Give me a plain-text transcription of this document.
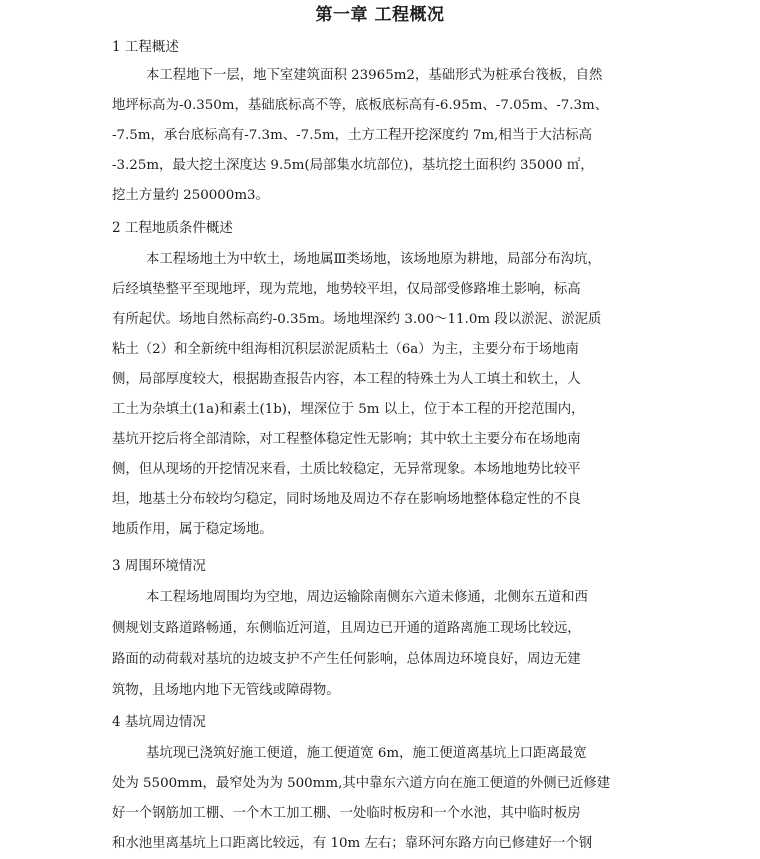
第一章 工程概况
1 工程概述
本工程地下一层，地下室建筑面积 23965m2，基础形式为桩承台筏板，自然
地坪标高为-0.350m，基础底标高不等，底板底标高有-6.95m、-7.05m、-7.3m、
-7.5m，承台底标高有-7.3m、-7.5m，土方工程开挖深度约 7m,相当于大沽标高
-3.25m，最大挖土深度达 9.5m(局部集水坑部位)，基坑挖土面积约 35000 ㎡，
挖土方量约 250000m3。
2 工程地质条件概述
本工程场地土为中软土，场地属Ⅲ类场地，该场地原为耕地，局部分布沟坑，
后经填垫整平至现地坪，现为荒地，地势较平坦，仅局部受修路堆土影响，标高
有所起伏。场地自然标高约-0.35m。场地埋深约 3.00～11.0m 段以淤泥、淤泥质
粘土（2）和全新统中组海相沉积层淤泥质粘土（6a）为主，主要分布于场地南
侧，局部厚度较大，根据勘查报告内容，本工程的特殊土为人工填土和软土，人
工土为杂填土(1a)和素土(1b)，埋深位于 5m 以上，位于本工程的开挖范围内，
基坑开挖后将全部清除，对工程整体稳定性无影响；其中软土主要分布在场地南
侧，但从现场的开挖情况来看，土质比较稳定，无异常现象。本场地地势比较平
坦，地基土分布较均匀稳定，同时场地及周边不存在影响场地整体稳定性的不良
地质作用，属于稳定场地。
3 周围环境情况
本工程场地周围均为空地，周边运输除南侧东六道未修通，北侧东五道和西
侧规划支路道路畅通，东侧临近河道，且周边已开通的道路离施工现场比较远，
路面的动荷载对基坑的边坡支护不产生任何影响，总体周边环境良好，周边无建
筑物，且场地内地下无管线或障碍物。
4 基坑周边情况
基坑现已浇筑好施工便道，施工便道宽 6m，施工便道离基坑上口距离最宽
处为 5500mm，最窄处为为 500mm,其中靠东六道方向在施工便道的外侧已近修建
好一个钢筋加工棚、一个木工加工棚、一处临时板房和一个水池，其中临时板房
和水池里离基坑上口距离比较远，有 10m 左右；靠环河东路方向已修建好一个钢
